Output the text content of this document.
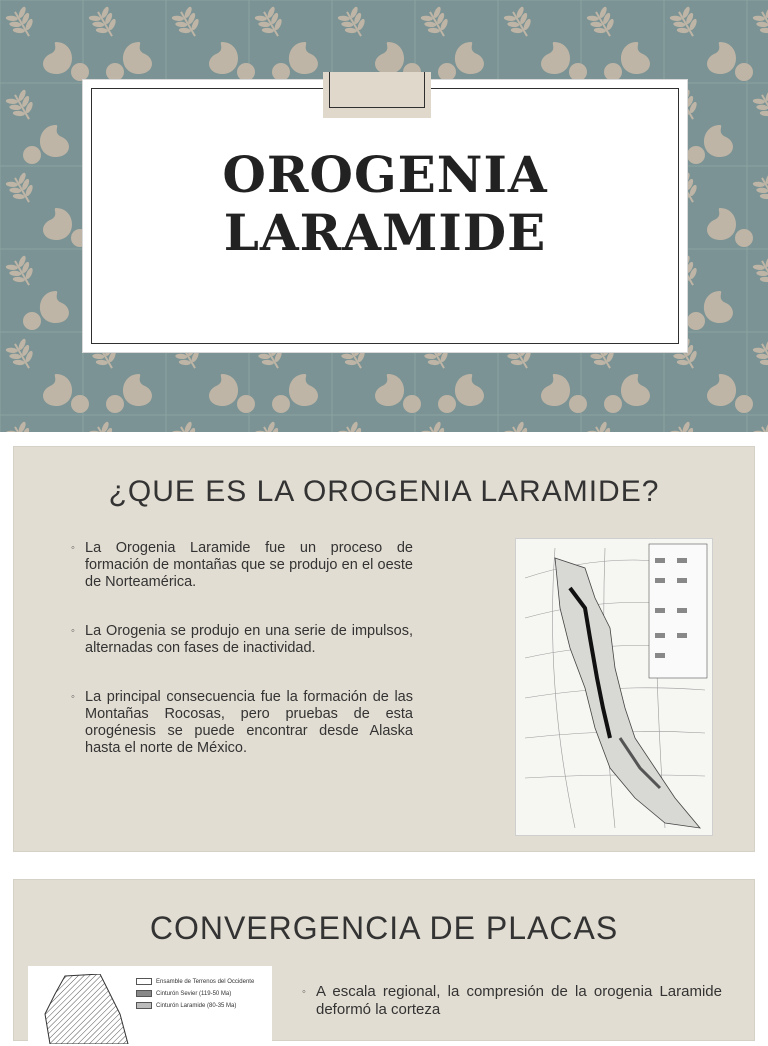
OROGENIA
LARAMIDE
¿QUE ES LA OROGENIA LARAMIDE?
◦ La Orogenia Laramide fue un proceso de formación de montañas que se produjo en el oeste de Norteamérica.
◦ La Orogenia se produjo en una serie de impulsos, alternadas con fases de inactividad.
◦ La principal consecuencia fue la formación de las Montañas Rocosas, pero pruebas de esta orogénesis se puede encontrar desde Alaska hasta el norte de México.
CONVERGENCIA DE PLACAS
Ensamble de Terrenos del Occidente
Cinturón Sevier (119-50 Ma)
Cinturón Laramide (80-35 Ma)
◦ A escala regional, la compresión de la orogenia Laramide deformó la corteza
